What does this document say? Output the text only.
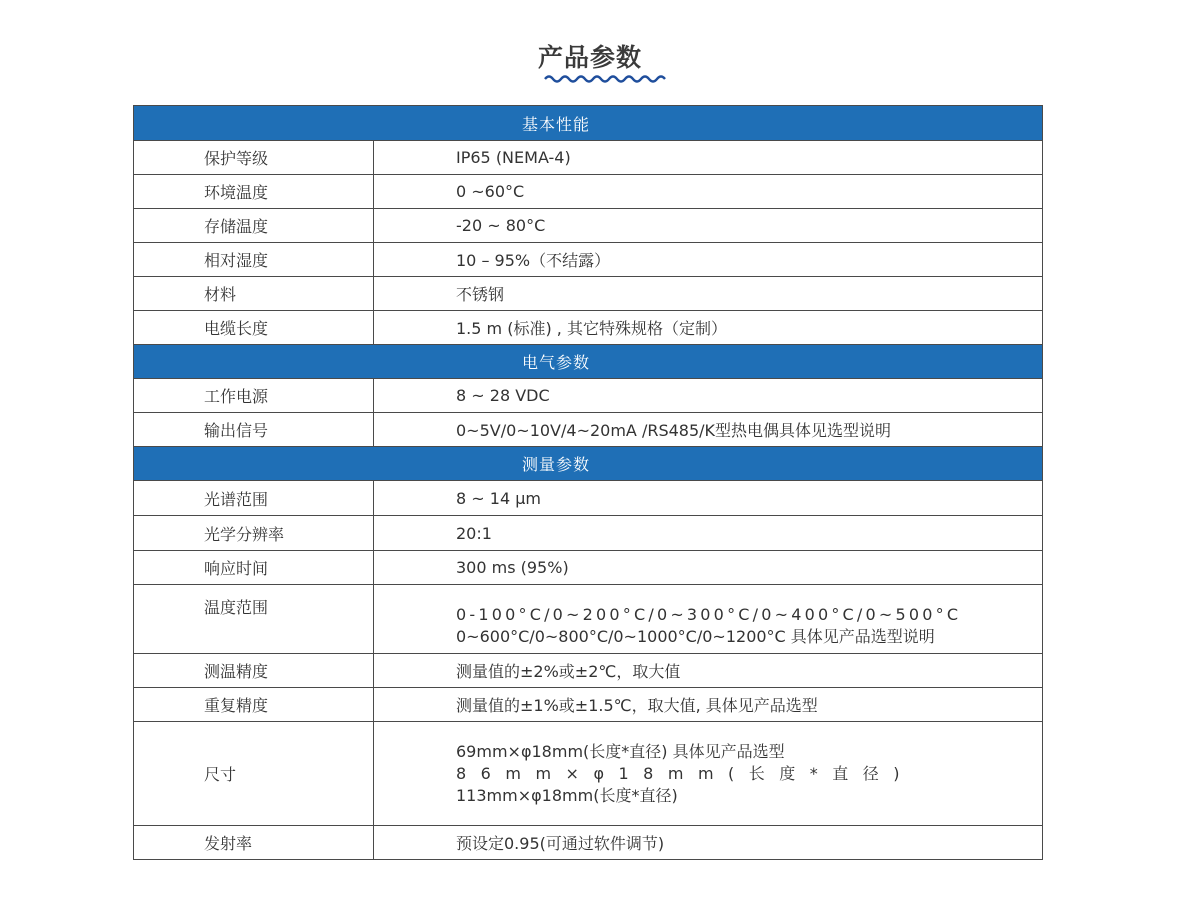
产品参数
基本性能	
保护等级	IP65 (NEMA-4)
环境温度	0 ~60°C
存储温度	-20 ~ 80°C
相对湿度	10 – 95%（不结露）
材料	不锈钢
电缆长度	1.5 m (标准) , 其它特殊规格（定制）
电气参数	
工作电源	8 ~ 28 VDC
输出信号	0~5V/0~10V/4~20mA /RS485/K型热电偶具体见选型说明
测量参数	
光谱范围	8 ~ 14 µm
光学分辨率	20:1
响应时间	300 ms (95%)
温度范围	0-100°C/0~200°C/0~300°C/0~400°C/0~500°C
0~600°C/0~800°C/0~1000°C/0~1200°C 具体见产品选型说明

测温精度	测量值的±2%或±2℃，取大值
重复精度	测量值的±1%或±1.5℃，取大值, 具体见产品选型
尺寸	69mm×φ18mm(长度*直径) 具体见产品选型
86mm×φ18mm(长度*直径)
113mm×φ18mm(长度*直径)

发射率	预设定0.95(可通过软件调节)
